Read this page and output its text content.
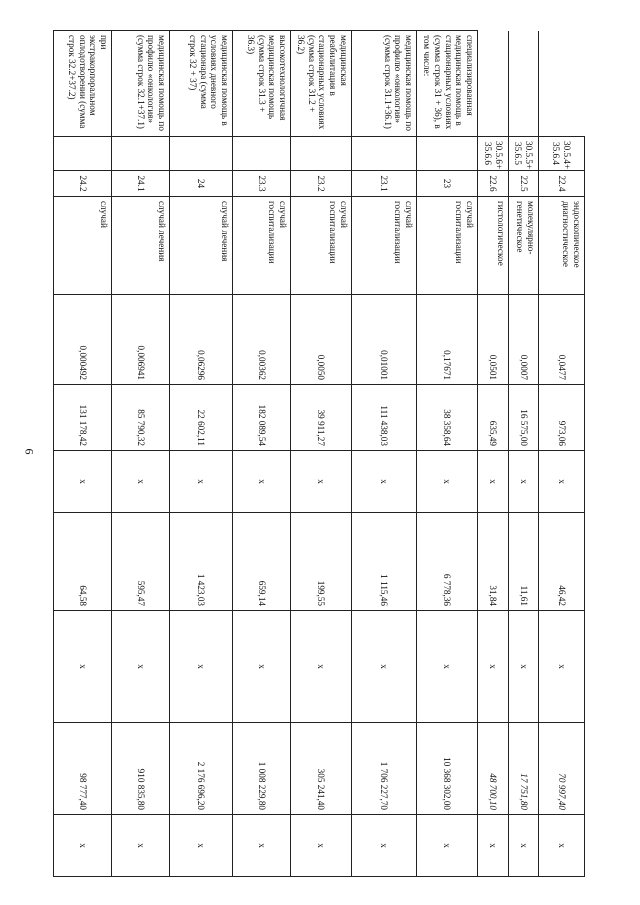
6
	30.5.4+ 35.6.4	22.4	эндоскопическое диагностическое	0,0477	973,06	x	46,42	x	70 997,40	x
	30.5.5+ 35.6.5	22.5	молекулярно-генетическое	0,0007	16 575,00	x	11,61	x	17 751,80	x
	30.5.6+ 35.6.6	22.6	гистологическое	0,0501	635,49	x	31,84	x	48 700,10	x
специализированная медицинская помощь в стационарных условиях (сумма строк 31 + 36), в том числе:		23	случай госпитализации	0,17671	38 358,64	x	6 778,36	x	10 368 302,00	x
медицинская помощь по профилю «онкология» (сумма строк 31.1+36.1)		23.1	случай госпитализации	0,01001	111 438,03	x	1 115,46	x	1 706 227,70	x
медицинская реабилитация в стационарных условиях (сумма строк 31.2 + 36.2)		23.2	случай госпитализации	0,0050	39 911,27	x	199,55	x	305 241,40	x
высокотехнологичная медицинская помощь (сумма строк 31.3 + 36.3)		23.3	случай госпитализации	0,00362	182 089,54	x	659,14	x	1 008 229,80	x
медицинская помощь в условиях дневного стационара (сумма строк 32 + 37)		24	случай лечения	0,06296	22 602,11	x	1 423,03	x	2 176 696,20	x
медицинская помощь по профилю «онкология» (сумма строк 32.1+37.1)		24.1	случай лечения	0,006941	85 790,32	x	595,47	x	910 835,80	x
при экстракорпоральном оплодотворении (сумма строк 32.2+37.2)		24.2	случай	0,000492	131 178,42	x	64,58	x	98 777,40	x
